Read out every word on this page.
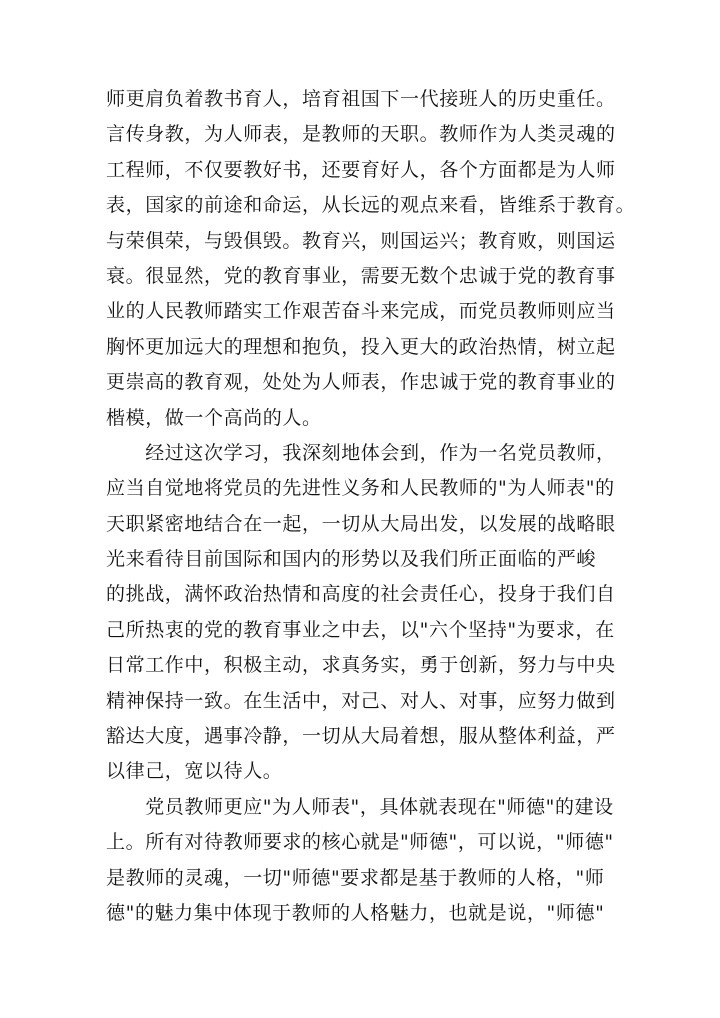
师更肩负着教书育人，培育祖国下一代接班人的历史重任。
言传身教，为人师表，是教师的天职。教师作为人类灵魂的
工程师，不仅要教好书，还要育好人，各个方面都是为人师
表，国家的前途和命运，从长远的观点来看，皆维系于教育。
与荣俱荣，与毁俱毁。教育兴，则国运兴；教育败，则国运
衰。很显然，党的教育事业，需要无数个忠诚于党的教育事
业的人民教师踏实工作艰苦奋斗来完成，而党员教师则应当
胸怀更加远大的理想和抱负，投入更大的政治热情，树立起
更崇高的教育观，处处为人师表，作忠诚于党的教育事业的
楷模，做一个高尚的人。
　　经过这次学习，我深刻地体会到，作为一名党员教师，
应当自觉地将党员的先进性义务和人民教师的"为人师表"的
天职紧密地结合在一起，一切从大局出发，以发展的战略眼
光来看待目前国际和国内的形势以及我们所正面临的严峻
的挑战，满怀政治热情和高度的社会责任心，投身于我们自
己所热衷的党的教育事业之中去，以"六个坚持"为要求，在
日常工作中，积极主动，求真务实，勇于创新，努力与中央
精神保持一致。在生活中，对己、对人、对事，应努力做到
豁达大度，遇事冷静，一切从大局着想，服从整体利益，严
以律己，宽以待人。
　　党员教师更应"为人师表"，具体就表现在"师德"的建设
上。所有对待教师要求的核心就是"师德"，可以说，"师德"
是教师的灵魂，一切"师德"要求都是基于教师的人格，"师
德"的魅力集中体现于教师的人格魅力，也就是说，"师德"
